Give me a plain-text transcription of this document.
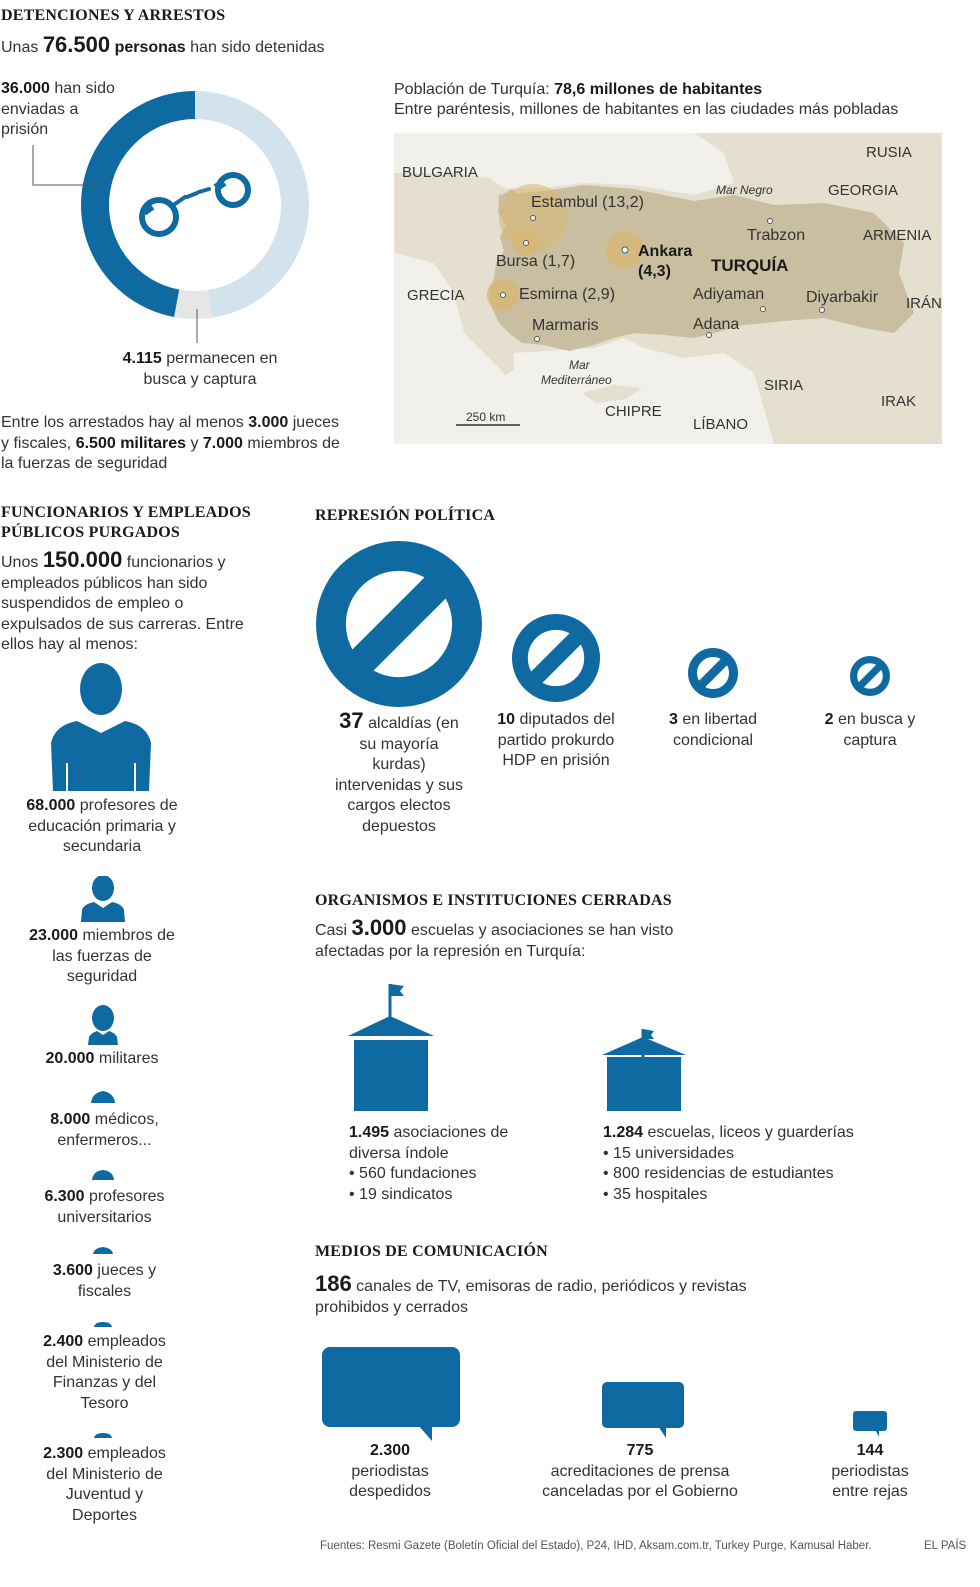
DETENCIONES Y ARRESTOS
Unas 76.500 personas han sido detenidas
36.000 han sido enviadas a prisión
4.115 permanecen en busca y captura
Entre los arrestados hay al menos 3.000 jueces y fiscales, 6.500 militares y 7.000 miembros de la fuerzas de seguridad
Población de Turquía: 78,6 millones de habitantes
Entre paréntesis, millones de habitantes en las ciudades más pobladas
BULGARIA
RUSIA
GEORGIA
ARMENIA
GRECIA	IRÁN
SIRIA
IRAK
CHIPRE
LÍBANO
TURQUÍA
Mar Negro
Mar
Mediterráneo
Estambul (13,2)
Bursa (1,7)
Ankara
(4,3)
Esmirna (2,9)
Marmaris
Trabzon
Adiyaman	Diyarbakir
Adana
250 km
FUNCIONARIOS Y EMPLEADOS
PÚBLICOS PURGADOS
Unos 150.000 funcionarios y empleados públicos han sido suspendidos de empleo o expulsados de sus carreras. Entre ellos hay al menos:
68.000 profesores de educación primaria y secundaria
23.000 miembros de las fuerzas de seguridad
20.000 militares
8.000 médicos, enfermeros...
6.300 profesores universitarios
3.600 jueces y fiscales
2.400 empleados del Ministerio de Finanzas y del Tesoro
2.300 empleados del Ministerio de Juventud y Deportes
REPRESIÓN POLÍTICA
37 alcaldías (en su mayoría kurdas) intervenidas y sus cargos electos depuestos
10 diputados del partido prokurdo HDP en prisión
3 en libertad condicional
2 en busca y captura
ORGANISMOS E INSTITUCIONES CERRADAS
Casi 3.000 escuelas y asociaciones se han visto afectadas por la represión en Turquía:
1.495 asociaciones de diversa índole
• 560 fundaciones
• 19 sindicatos
1.284 escuelas, liceos y guarderías
• 15 universidades
• 800 residencias de estudiantes
• 35 hospitales
MEDIOS DE COMUNICACIÓN
186 canales de TV, emisoras de radio, periódicos y revistas prohibidos y cerrados
2.300
periodistas despedidos
775
acreditaciones de prensa canceladas por el Gobierno
144
periodistas entre rejas
Fuentes: Resmi Gazete (Boletín Oficial del Estado), P24, IHD, Aksam.com.tr, Turkey Purge, Kamusal Haber.	EL PAÍS
